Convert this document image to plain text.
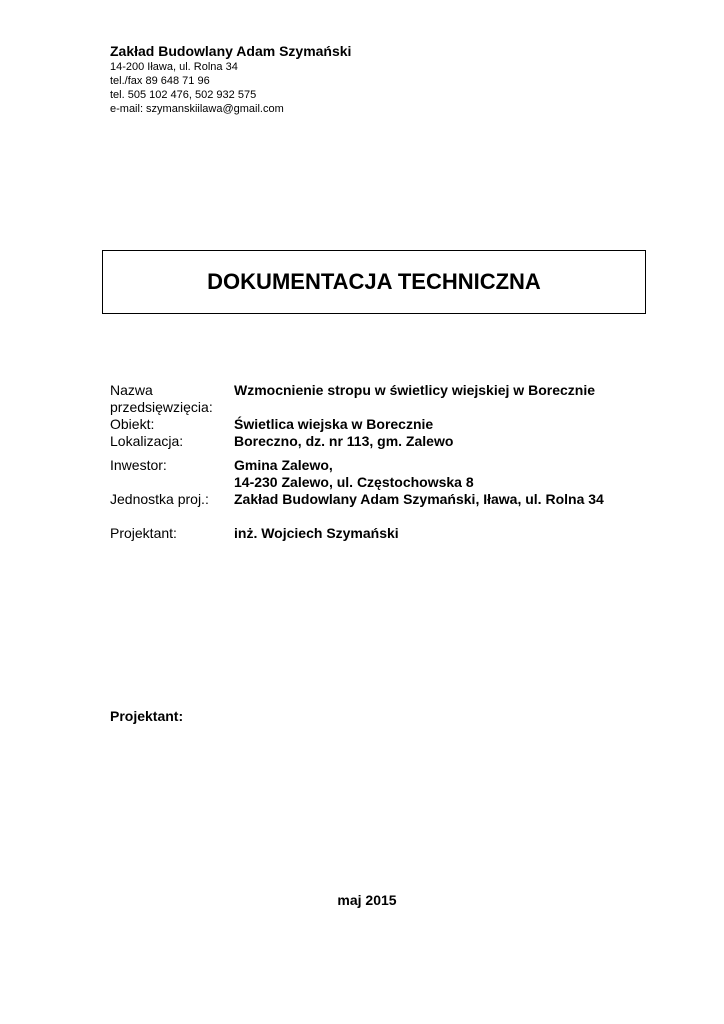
Zakład Budowlany Adam Szymański
14-200 Iława, ul. Rolna 34
tel./fax 89 648 71 96
tel. 505 102 476, 502 932 575
e-mail: szymanskiilawa@gmail.com
DOKUMENTACJA TECHNICZNA
Nazwa	Wzmocnienie stropu w świetlicy wiejskiej w Borecznie
przedsięwzięcia:
Obiekt:	Świetlica wiejska w Borecznie
Lokalizacja:	Boreczno, dz. nr 113, gm. Zalewo
Inwestor:	Gmina Zalewo,
14-230 Zalewo, ul. Częstochowska 8
Jednostka proj.:	Zakład Budowlany Adam Szymański, Iława, ul. Rolna 34
Projektant:	inż. Wojciech Szymański
Projektant:
maj 2015
